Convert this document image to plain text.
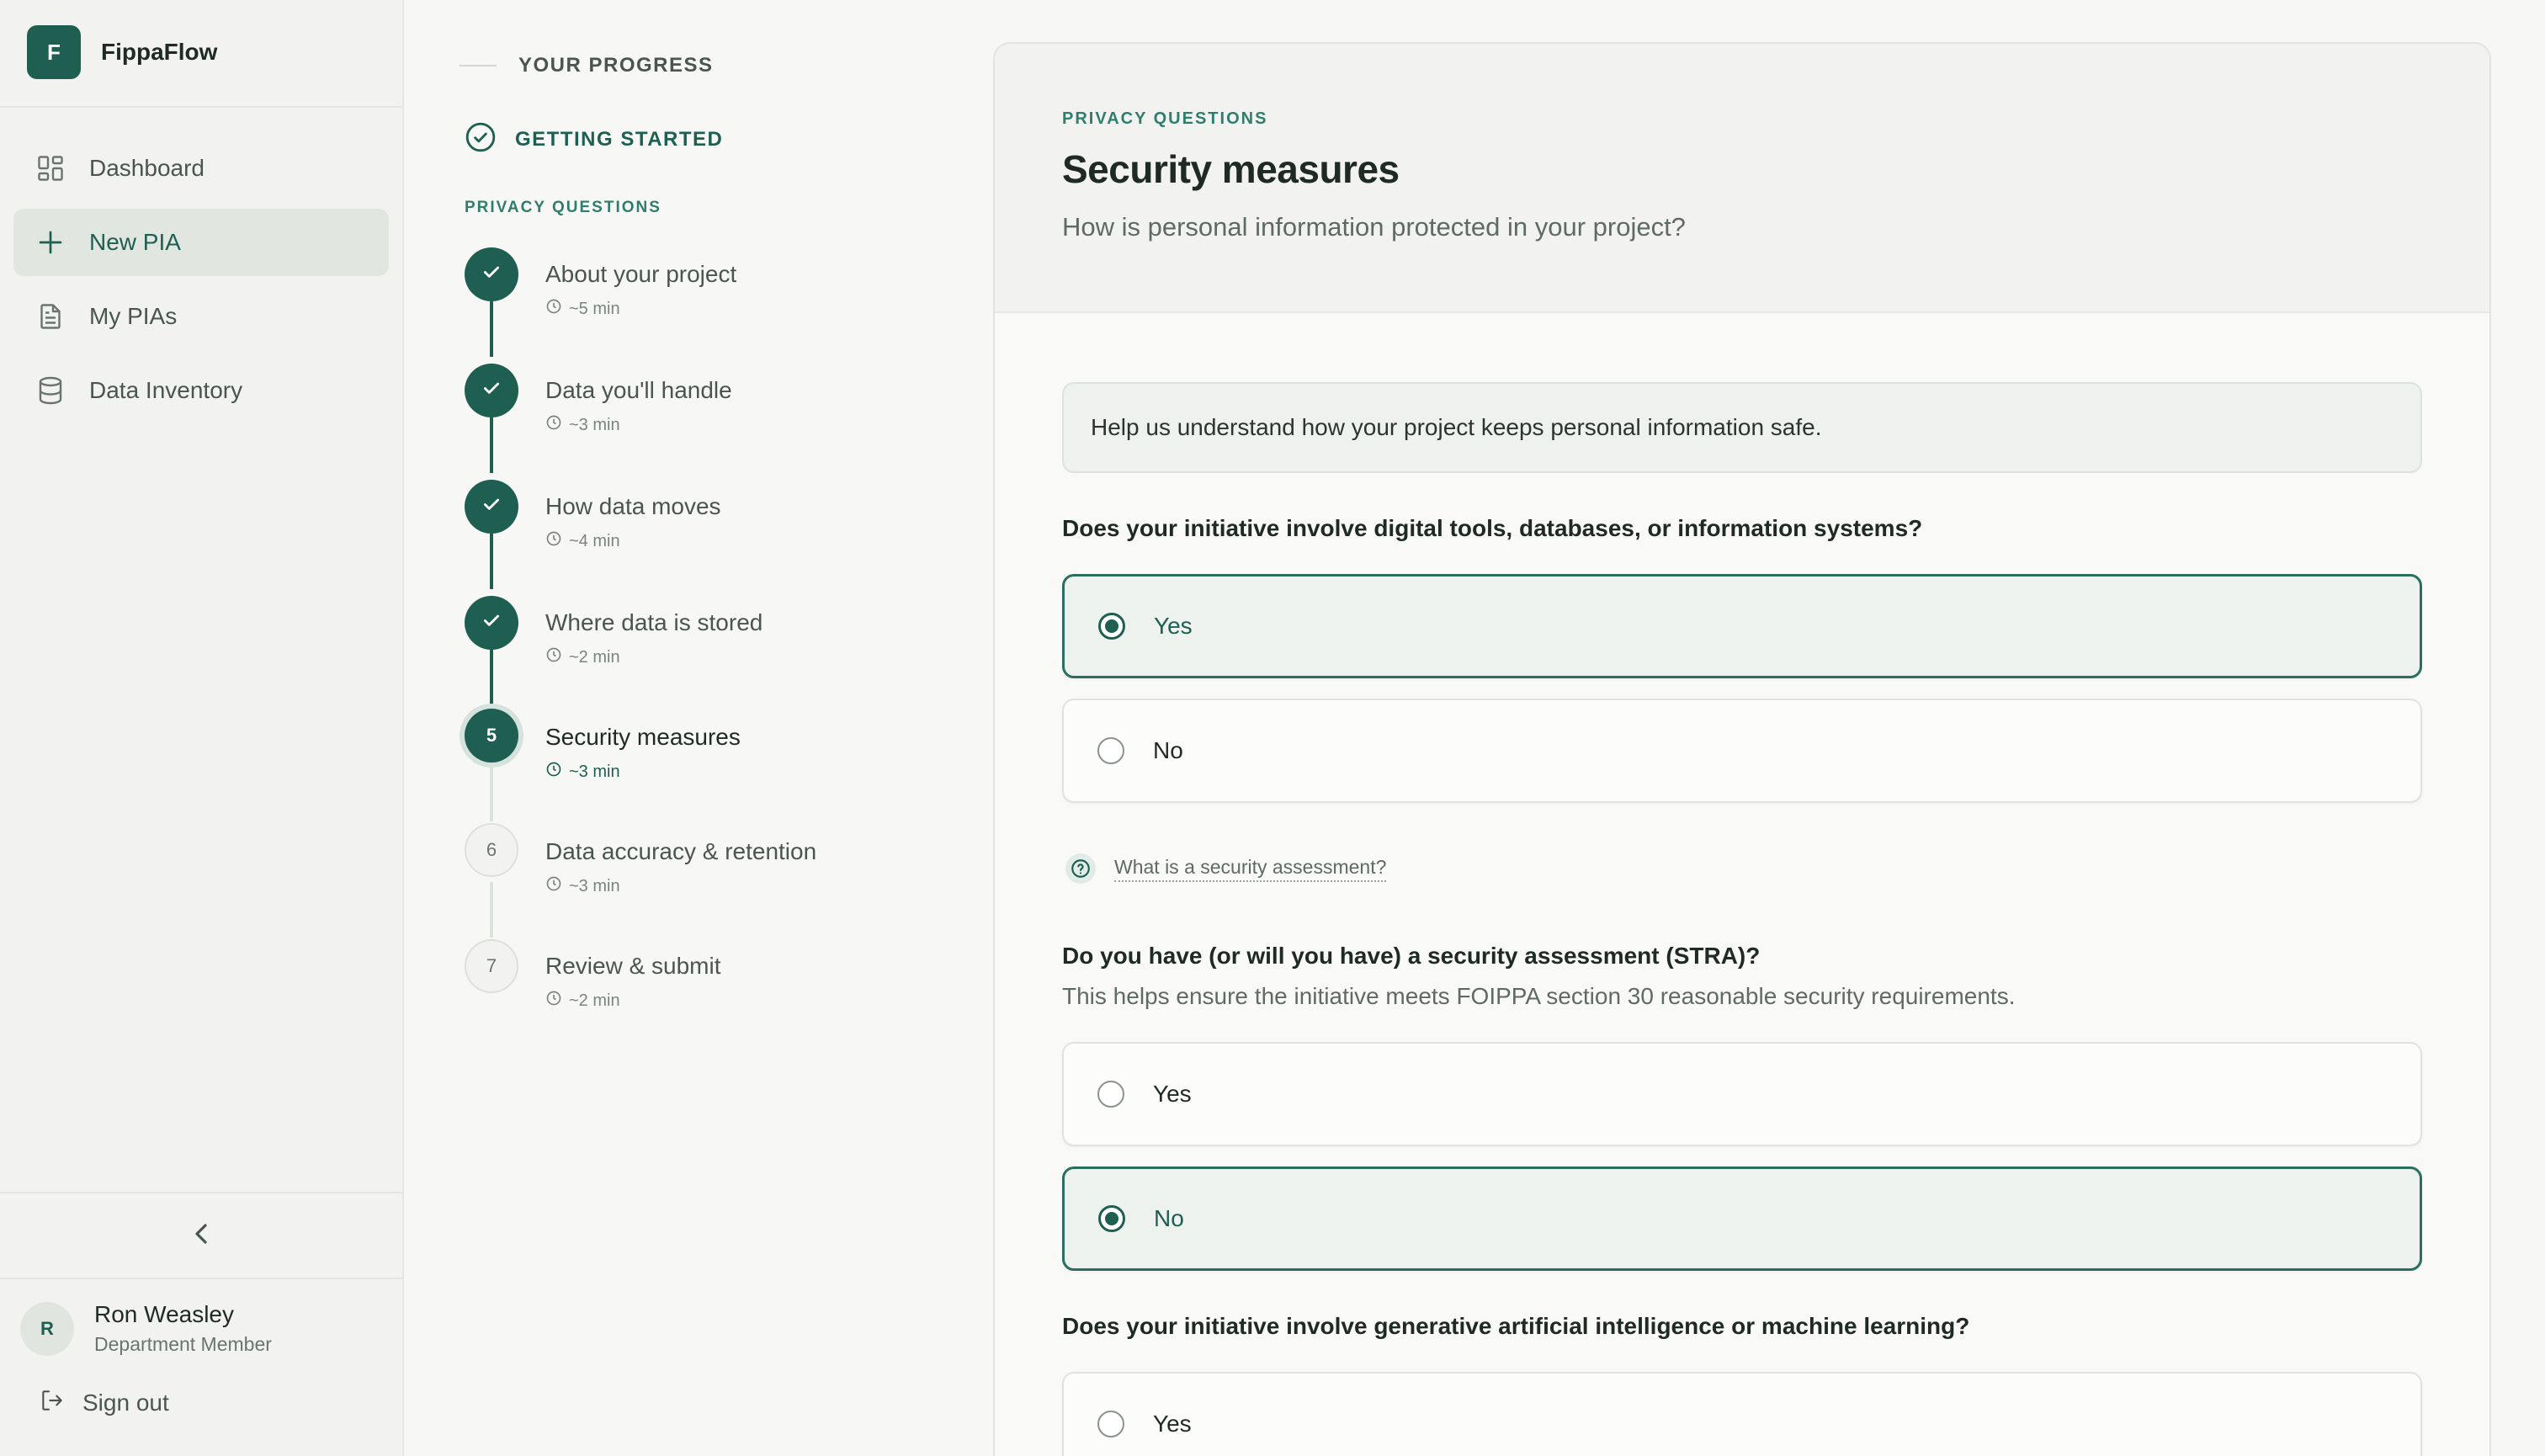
F	FippaFlow
Dashboard
New PIA
My PIAs
Data Inventory
R
Ron Weasley
Department Member
Sign out
YOUR PROGRESS
GETTING STARTED
PRIVACY QUESTIONS
About your project
~5 min
Data you'll handle
~3 min
How data moves
~4 min
Where data is stored
~2 min
5	Security measures
~3 min
6	Data accuracy & retention
~3 min
7	Review & submit
~2 min
PRIVACY QUESTIONS
Security measures
How is personal information protected in your project?
Help us understand how your project keeps personal information safe.
Does your initiative involve digital tools, databases, or information systems?
Yes
No
What is a security assessment?
Do you have (or will you have) a security assessment (STRA)?
This helps ensure the initiative meets FOIPPA section 30 reasonable security requirements.
Yes
No
Does your initiative involve generative artificial intelligence or machine learning?
Yes
